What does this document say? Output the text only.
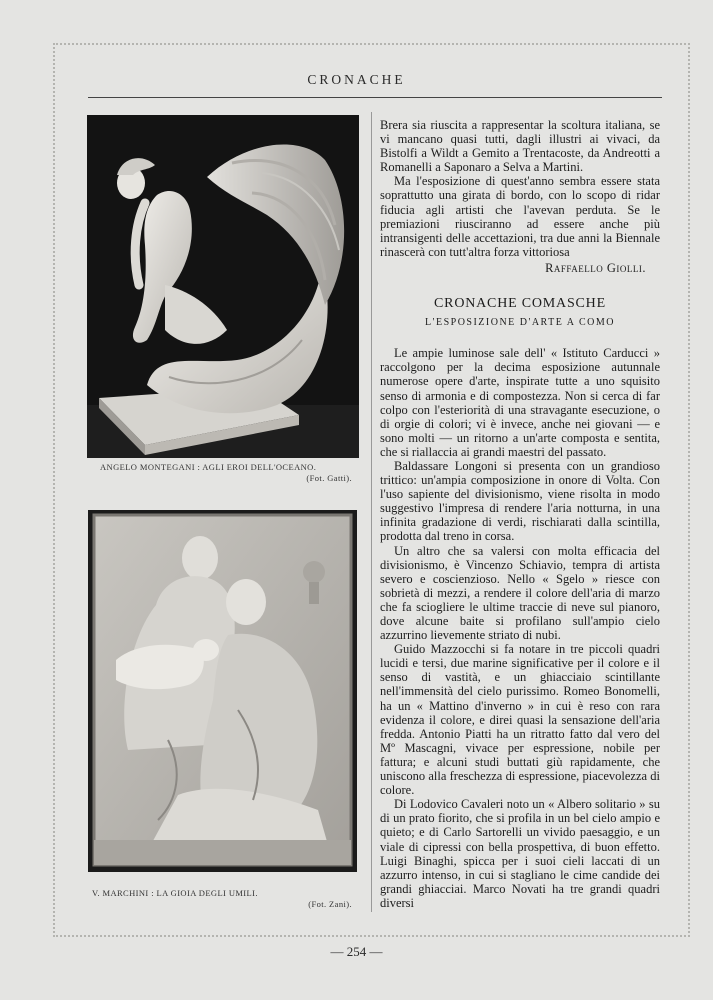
CRONACHE
ANGELO MONTEGANI : AGLI EROI DELL'OCEANO.
(Fot. Gatti).
V. MARCHINI : LA GIOIA DEGLI UMILI.
(Fot. Zani).

Brera sia riuscita a rappresentar la scoltura italiana, se vi mancano quasi tutti, dagli illustri ai vivaci, da Bistolfi a Wildt a Gemito a Trentacoste, da Andreotti a Romanelli a Saponaro a Selva a Martini.

Ma l'esposizione di quest'anno sembra essere stata soprattutto una girata di bordo, con lo scopo di ridar fiducia agli artisti che l'avevan perduta. Se le premiazioni riusciranno ad essere anche più intransigenti delle accettazioni, tra due anni la Biennale rinascerà con tutt'altra forza vittoriosa

Raffaello Giolli.
CRONACHE COMASCHE
L'ESPOSIZIONE D'ARTE A COMO

Le ampie luminose sale dell' « Istituto Carducci » raccolgono per la decima esposizione autunnale numerose opere d'arte, inspirate tutte a uno squisito senso di armonia e di compostezza. Non si cerca di far colpo con l'esteriorità di una stravagante esecuzione, o di orgie di colori; vi è invece, anche nei giovani — e sono molti — un ritorno a un'arte composta e sentita, che si riallaccia ai grandi maestri del passato.

Baldassare Longoni si presenta con un grandioso trittico: un'ampia composizione in onore di Volta. Con l'uso sapiente del divisionismo, viene risolta in modo suggestivo l'impresa di rendere l'aria notturna, in una infinita gradazione di verdi, rischiarati dalla scintilla, prodotta dal treno in corsa.

Un altro che sa valersi con molta efficacia del divisionismo, è Vincenzo Schiavio, tempra di artista severo e coscienzioso. Nello « Sgelo » riesce con sobrietà di mezzi, a rendere il colore dell'aria di marzo che fa sciogliere le ultime traccie di neve sul pianoro, dove alcune baite si profilano sull'ampio cielo azzurrino lievemente striato di nubi.

Guido Mazzocchi si fa notare in tre piccoli quadri lucidi e tersi, due marine significative per il colore e il senso di vastità, e un ghiacciaio scintillante nell'immensità del cielo purissimo. Romeo Bonomelli, ha un « Mattino d'inverno » in cui è reso con rara evidenza il colore, e direi quasi la sensazione dell'aria fredda. Antonio Piatti ha un ritratto fatto dal vero del Mº Mascagni, vivace per espressione, nobile per fattura; e alcuni studi buttati giù rapidamente, che uniscono alla freschezza di espressione, piacevolezza di colore.

Di Lodovico Cavaleri noto un « Albero solitario » su di un prato fiorito, che si profila in un bel cielo ampio e quieto; e di Carlo Sartorelli un vivido paesaggio, e un viale di cipressi con bella prospettiva, di buon effetto. Luigi Binaghi, spicca per i suoi cieli laccati di un azzurro intenso, in cui si stagliano le cime candide dei grandi ghiacciai. Marco Novati ha tre grandi quadri diversi

— 254 —
